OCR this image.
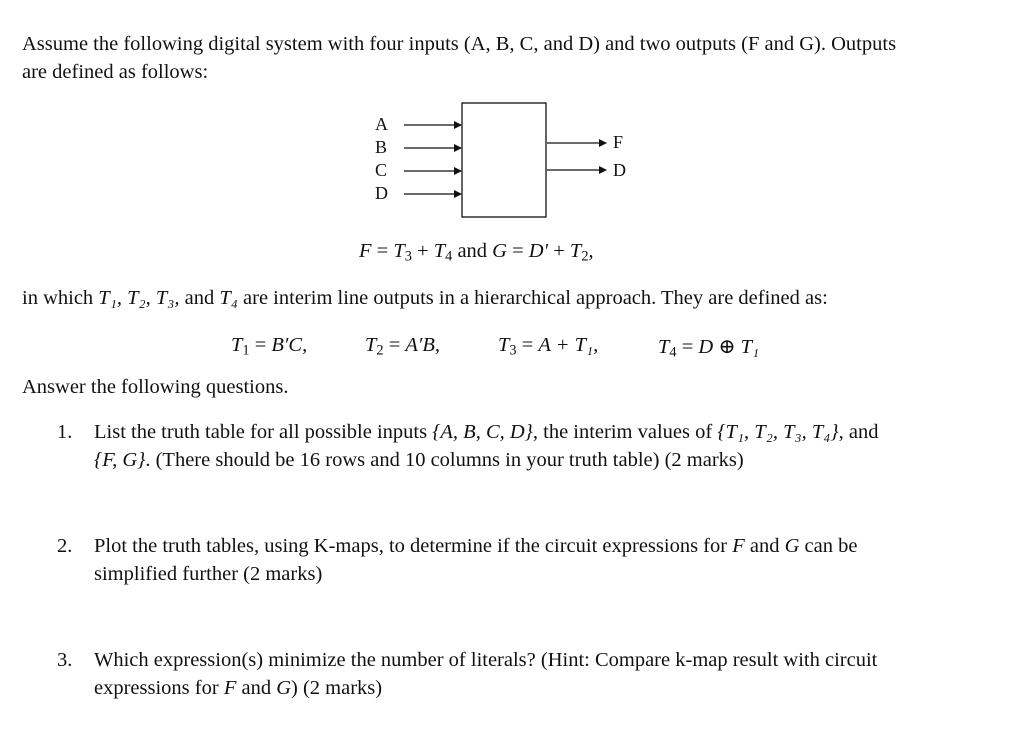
Assume the following digital system with four inputs (A, B, C, and D) and two outputs (F and G). Outputs
are defined as follows:
A
B
C
D
F
D
$F = T_3 + T_4$ and $G = D' + T_2$,
in which T₁, T₂, T₃, and T₄ are interim line outputs in a hierarchical approach. They are defined as:
$T_1 = B'C$,	$T_2 = A'B$,	$T_3 = A + T_1$,	$T_4 = D$ ⊕ T₁
Answer the following questions.
1. List the truth table for all possible inputs {A, B, C, D}, the interim values of {T₁, T₂, T₃, T₄}, and
{F, G}. (There should be 16 rows and 10 columns in your truth table) (2 marks)
2. Plot the truth tables, using K-maps, to determine if the circuit expressions for F and G can be
simplified further (2 marks)
3. Which expression(s) minimize the number of literals? (Hint: Compare k-map result with circuit
expressions for F and G) (2 marks)
